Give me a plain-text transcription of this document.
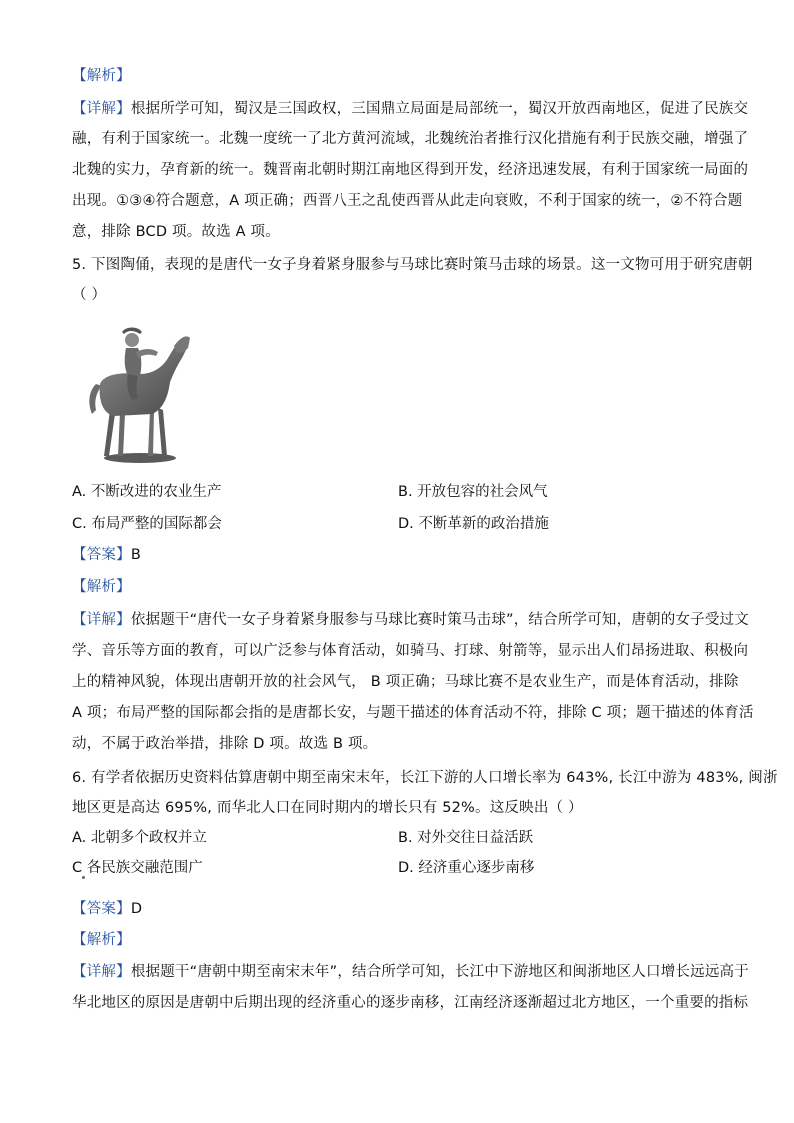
【解析】
【详解】根据所学可知，蜀汉是三国政权，三国鼎立局面是局部统一，蜀汉开放西南地区，促进了民族交
融，有利于国家统一。北魏一度统一了北方黄河流域，北魏统治者推行汉化措施有利于民族交融，增强了
北魏的实力，孕育新的统一。魏晋南北朝时期江南地区得到开发，经济迅速发展，有利于国家统一局面的
出现。①③④符合题意，A 项正确；西晋八王之乱使西晋从此走向衰败，不利于国家的统一，②不符合题
意，排除 BCD 项。故选 A 项。
5. 下图陶俑，表现的是唐代一女子身着紧身服参与马球比赛时策马击球的场景。这一文物可用于研究唐朝
（ ）
A. 不断改进的农业生产	B. 开放包容的社会风气
C. 布局严整的国际都会	D. 不断革新的政治措施
【答案】B
【解析】
【详解】依据题干“唐代一女子身着紧身服参与马球比赛时策马击球”，结合所学可知，唐朝的女子受过文
学、音乐等方面的教育，可以广泛参与体育活动，如骑马、打球、射箭等，显示出人们昂扬进取、积极向
上的精神风貌，体现出唐朝开放的社会风气， B 项正确；马球比赛不是农业生产，而是体育活动，排除
A 项；布局严整的国际都会指的是唐都长安，与题干描述的体育活动不符，排除 C 项；题干描述的体育活
动，不属于政治举措，排除 D 项。故选 B 项。
6. 有学者依据历史资料估算唐朝中期至南宋末年，长江下游的人口增长率为 643%, 长江中游为 483%, 闽浙
地区更是高达 695%, 而华北人口在同时期内的增长只有 52%。这反映出（ ）
A. 北朝多个政权并立	B. 对外交往日益活跃
C 各民族交融范围广	D. 经济重心逐步南移
【答案】D
【解析】
【详解】根据题干“唐朝中期至南宋末年”，结合所学可知，长江中下游地区和闽浙地区人口增长远远高于
华北地区的原因是唐朝中后期出现的经济重心的逐步南移，江南经济逐渐超过北方地区，一个重要的指标
